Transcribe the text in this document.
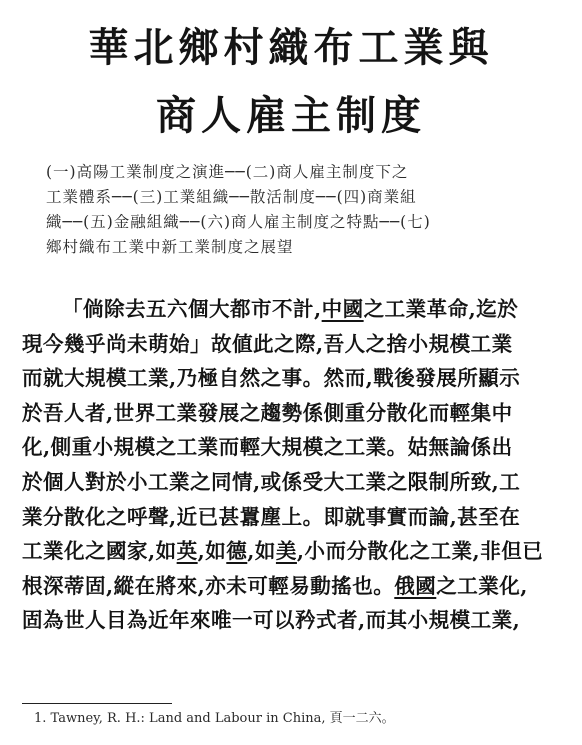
華北鄉村織布工業與
商人雇主制度
(一)高陽工業制度之演進──(二)商人雇主制度下之
工業體系──(三)工業組織──散活制度──(四)商業組
織──(五)金融組織──(六)商人雇主制度之特點──(七)
鄉村織布工業中新工業制度之展望
「倘除去五六個大都市不計,中國之工業革命,迄於
現今幾乎尚未萌始」故値此之際,吾人之捨小規模工業
而就大規模工業,乃極自然之事。然而,戰後發展所顯示
於吾人者,世界工業發展之趨勢係側重分散化而輕集中
化,側重小規模之工業而輕大規模之工業。姑無論係出
於個人對於小工業之同情,或係受大工業之限制所致,工
業分散化之呼聲,近已甚囂塵上。即就事實而論,甚至在
工業化之國家,如英,如德,如美,小而分散化之工業,非但已
根深蒂固,縱在將來,亦未可輕易動搖也。俄國之工業化,
固為世人目為近年來唯一可以矜式者,而其小規模工業,
1. Tawney, R. H.: Land and Labour in China, 頁一二六。
